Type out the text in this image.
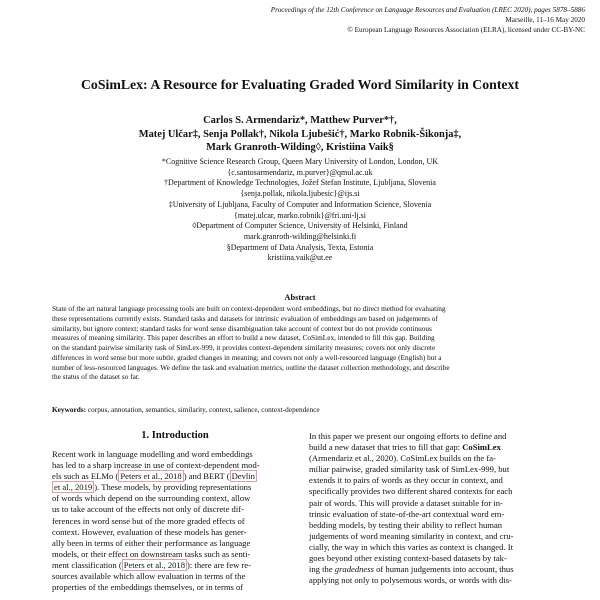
Proceedings of the 12th Conference on Language Resources and Evaluation (LREC 2020), pages 5878–5886
Marseille, 11–16 May 2020
© European Language Resources Association (ELRA), licensed under CC-BY-NC
CoSimLex: A Resource for Evaluating Graded Word Similarity in Context
Carlos S. Armendariz*, Matthew Purver*†,
Matej Ulčar‡, Senja Pollak†, Nikola Ljubešić†, Marko Robnik-Šikonja‡,
Mark Granroth-Wilding◊, Kristiina Vaik§
*Cognitive Science Research Group, Queen Mary University of London, London, UK
{c.santosarmendariz, m.purver}@qmul.ac.uk
†Department of Knowledge Technologies, Jožef Stefan Institute, Ljubljana, Slovenia
{senja.pollak, nikola.ljubesic}@ijs.si
‡University of Ljubljana, Faculty of Computer and Information Science, Slovenia
{matej.ulcar, marko.robnik}@fri.uni-lj.si
◊Department of Computer Science, University of Helsinki, Finland
mark.granroth-wilding@helsinki.fi
§Department of Data Analysis, Texta, Estonia
kristiina.vaik@ut.ee
Abstract
State of the art natural language processing tools are built on context-dependent word embeddings, but no direct method for evaluating
these representations currently exists. Standard tasks and datasets for intrinsic evaluation of embeddings are based on judgements of
similarity, but ignore context; standard tasks for word sense disambiguation take account of context but do not provide continuous
measures of meaning similarity. This paper describes an effort to build a new dataset, CoSimLex, intended to fill this gap. Building
on the standard pairwise similarity task of SimLex-999, it provides context-dependent similarity measures; covers not only discrete
differences in word sense but more subtle, graded changes in meaning; and covers not only a well-resourced language (English) but a
number of less-resourced languages. We define the task and evaluation metrics, outline the dataset collection methodology, and describe
the status of the dataset so far.
Keywords: corpus, annotation, semantics, similarity, context, salience, context-dependence
1. Introduction
Recent work in language modelling and word embeddings
has led to a sharp increase in use of context-dependent mod-
els such as ELMo ( Peters et al., 2018 ) and BERT ( Devlin
et al., 2019 ). These models, by providing representations
of words which depend on the surrounding context, allow
us to take account of the effects not only of discrete dif-
ferences in word sense but of the more graded effects of
context. However, evaluation of these models has gener-
ally been in terms of either their performance as language
models, or their effect on downstream tasks such as senti-
ment classification ( Peters et al., 2018 ): there are few re-
sources available which allow evaluation in terms of the
properties of the embeddings themselves, or in terms of
In this paper we present our ongoing efforts to define and
build a new dataset that tries to fill that gap: CoSimLex
(Armendariz et al., 2020). CoSimLex builds on the fa-
miliar pairwise, graded similarity task of SimLex-999, but
extends it to pairs of words as they occur in context, and
specifically provides two different shared contexts for each
pair of words. This will provide a dataset suitable for in-
trinsic evaluation of state-of-the-art contextual word em-
bedding models, by testing their ability to reflect human
judgements of word meaning similarity in context, and cru-
cially, the way in which this varies as context is changed. It
goes beyond other existing context-based datasets by tak-
ing the gradedness of human judgements into account, thus
applying not only to polysemous words, or words with dis-
